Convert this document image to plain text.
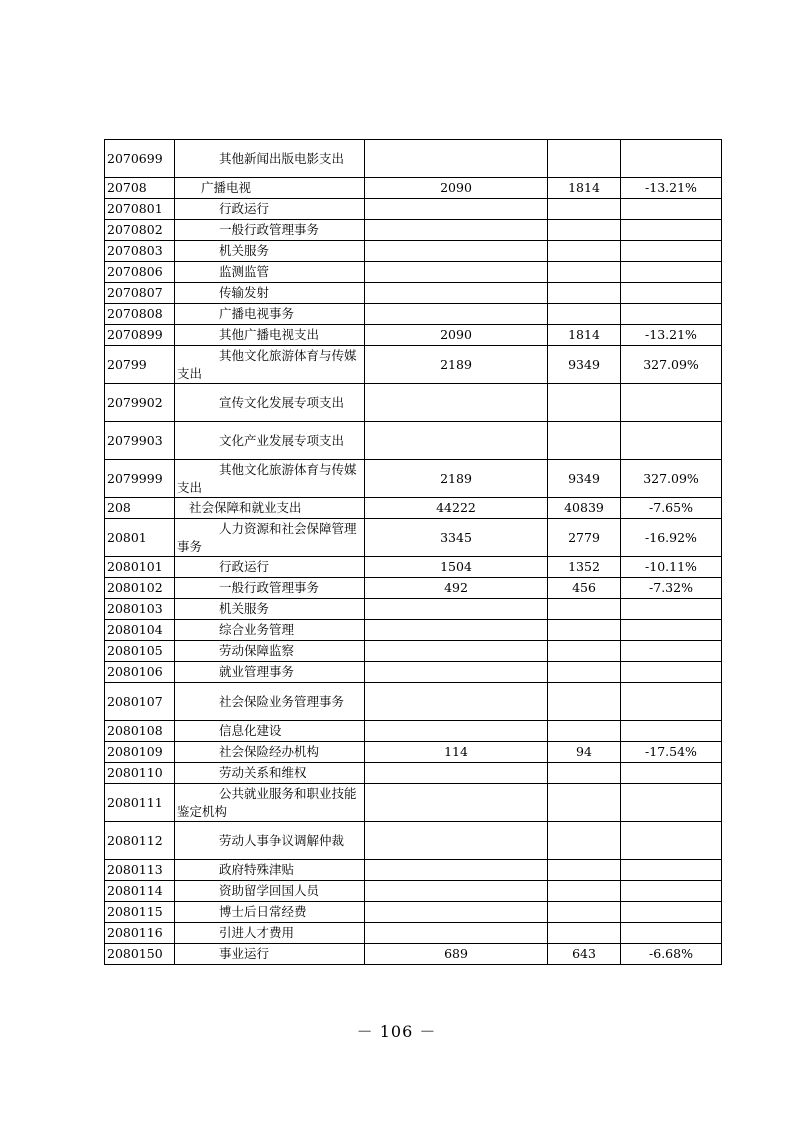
2070699	其他新闻出版电影支出			
20708	广播电视	2090	1814	-13.21%
2070801	行政运行			
2070802	一般行政管理事务			
2070803	机关服务			
2070806	监测监管			
2070807	传输发射			
2070808	广播电视事务			
2070899	其他广播电视支出	2090	1814	-13.21%
20799	其他文化旅游体育与传媒支出	2189	9349	327.09%
2079902	宣传文化发展专项支出			
2079903	文化产业发展专项支出			
2079999	其他文化旅游体育与传媒支出	2189	9349	327.09%
208	社会保障和就业支出	44222	40839	-7.65%
20801	人力资源和社会保障管理事务	3345	2779	-16.92%
2080101	行政运行	1504	1352	-10.11%
2080102	一般行政管理事务	492	456	-7.32%
2080103	机关服务			
2080104	综合业务管理			
2080105	劳动保障监察			
2080106	就业管理事务			
2080107	社会保险业务管理事务			
2080108	信息化建设			
2080109	社会保险经办机构	114	94	-17.54%
2080110	劳动关系和维权			
2080111	公共就业服务和职业技能鉴定机构			
2080112	劳动人事争议调解仲裁			
2080113	政府特殊津贴			
2080114	资助留学回国人员			
2080115	博士后日常经费			
2080116	引进人才费用			
2080150	事业运行	689	643	-6.68%
－ 106 －
